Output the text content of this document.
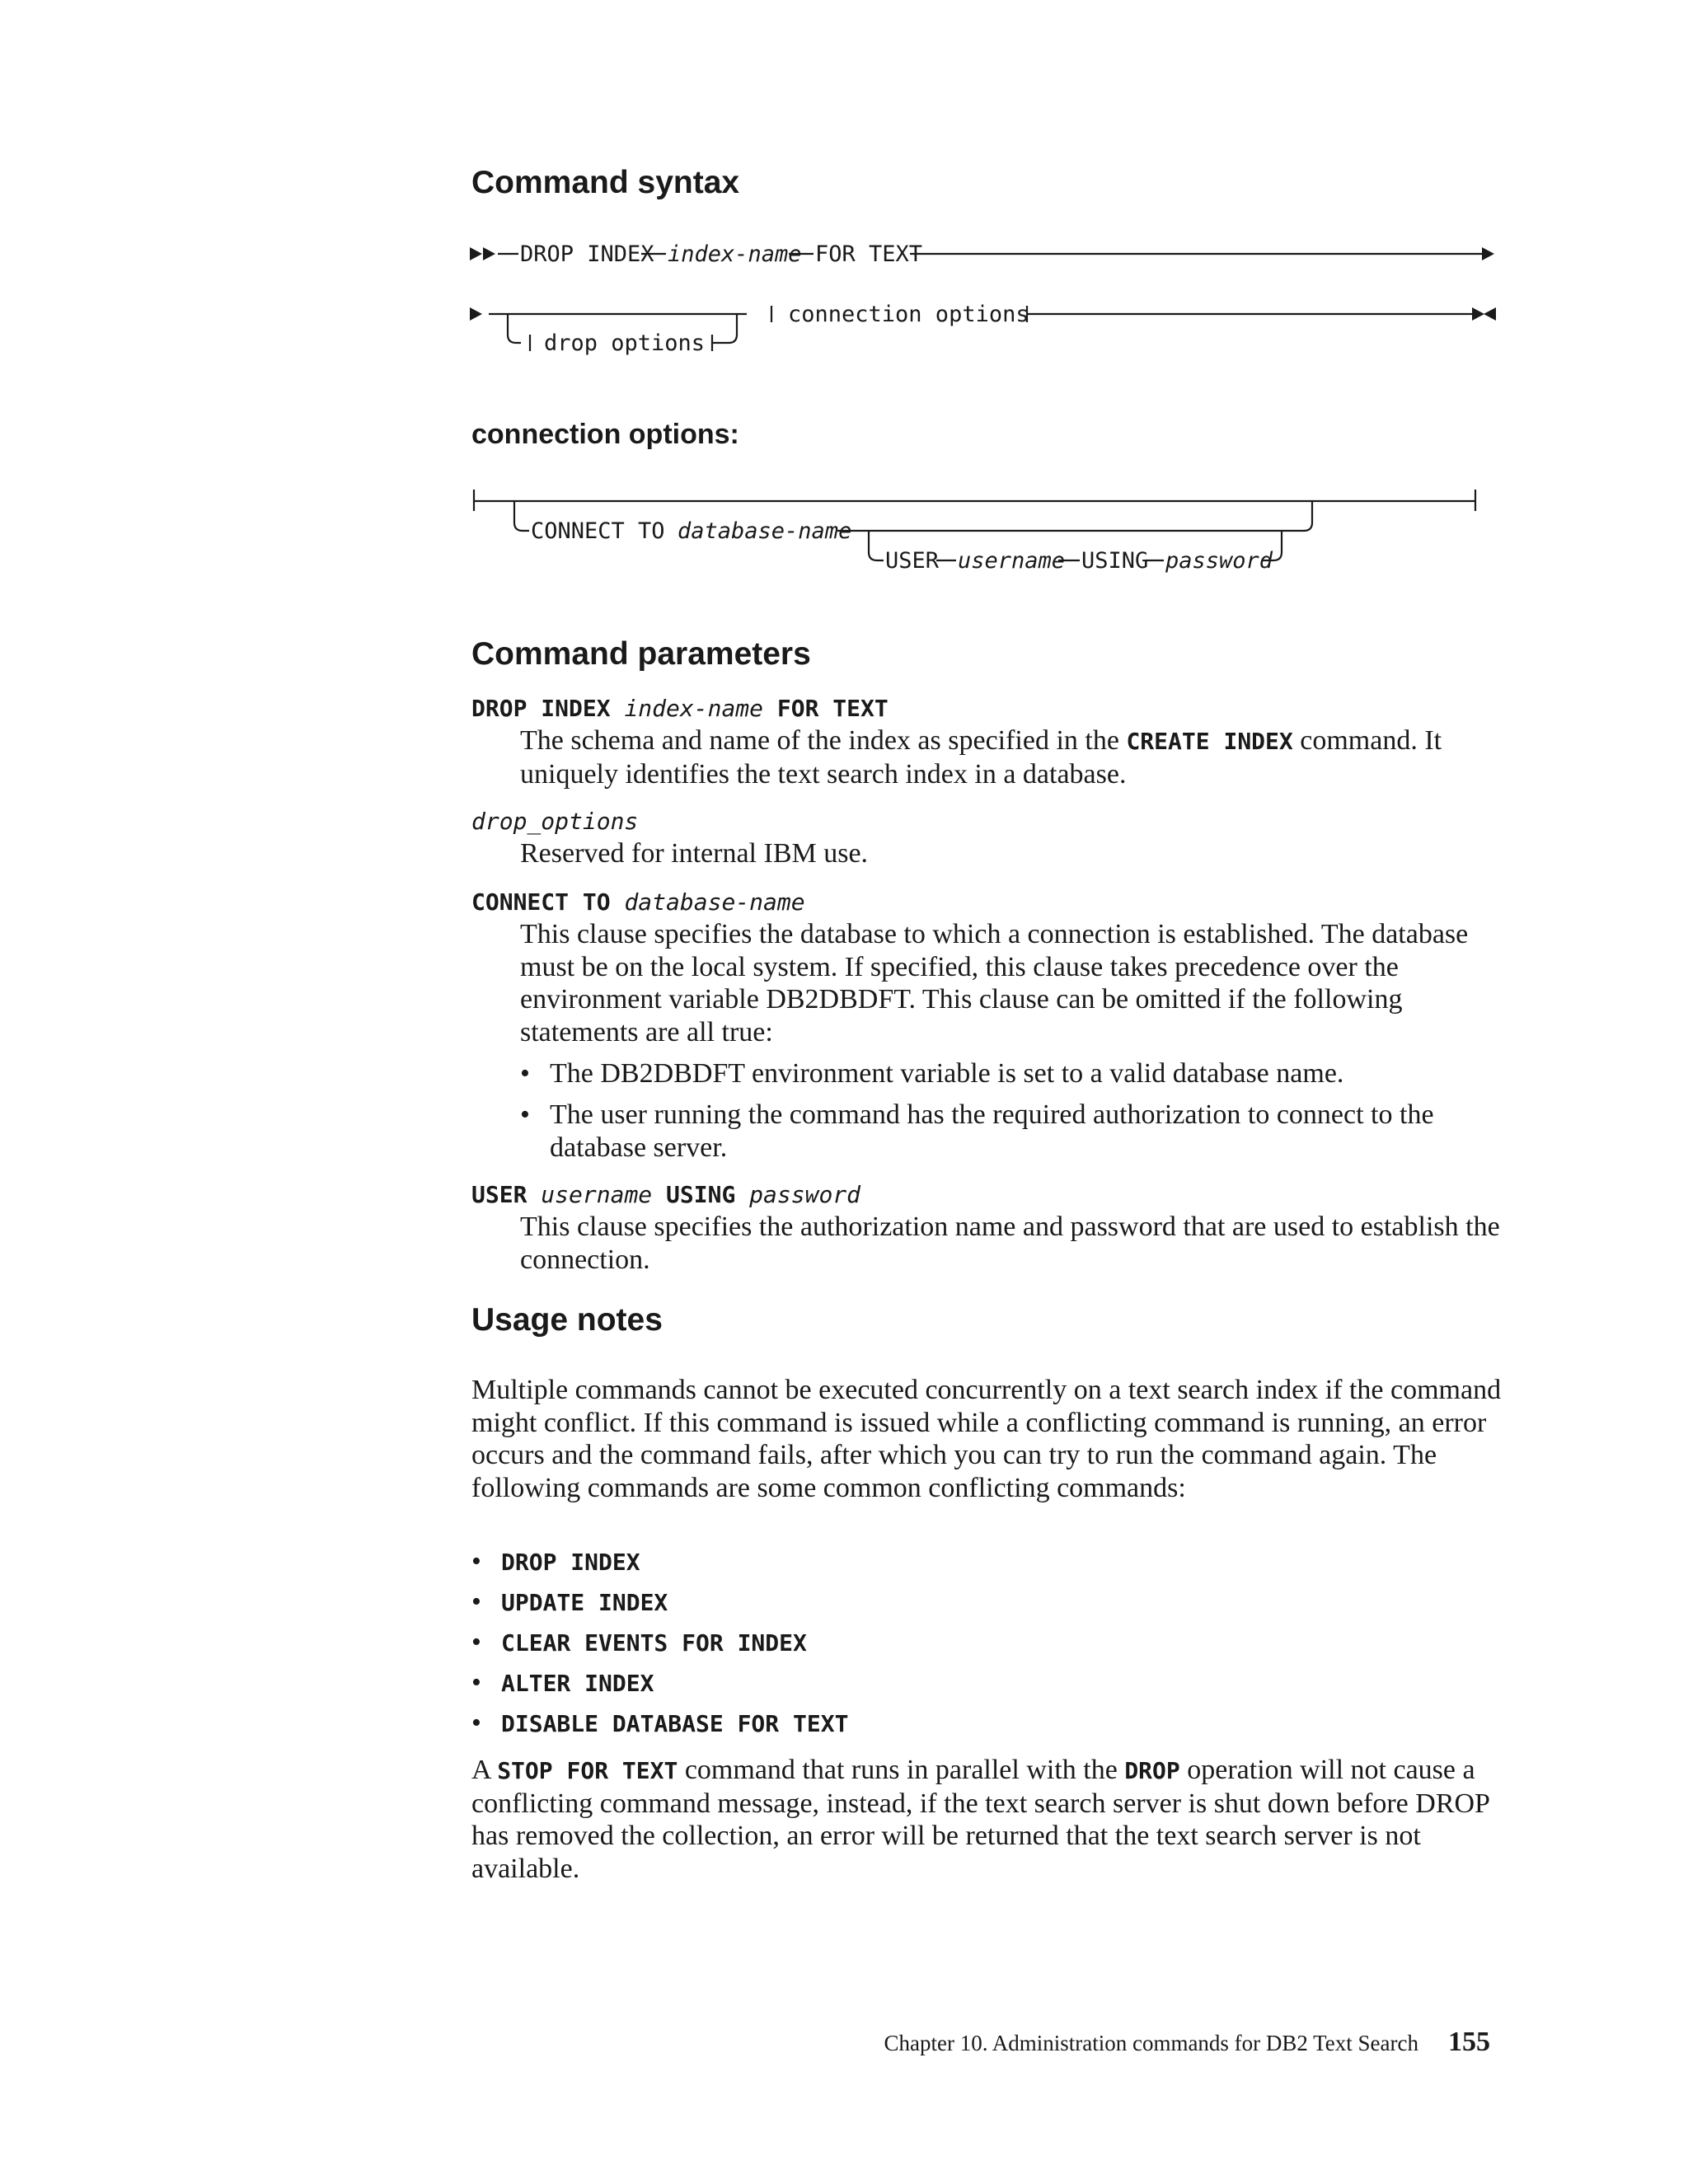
Command syntax
DROP INDEX index-name FOR TEXT
connection options
drop options
CONNECT TO database-name
USER username USING password
connection options:
Command parameters

DROP INDEX index-name FOR TEXT

The schema and name of the index as specified in the CREATE INDEX command. It uniquely identifies the text search index in a database.

drop_options

Reserved for internal IBM use.

CONNECT TO database-name

This clause specifies the database to which a connection is established. The database must be on the local system. If specified, this clause takes precedence over the environment variable DB2DBDFT. This clause can be omitted if the following statements are all true:

• The DB2DBDFT environment variable is set to a valid database name.
• The user running the command has the required authorization to connect to the database server.

USER username USING password

This clause specifies the authorization name and password that are used to establish the connection.

Usage notes

Multiple commands cannot be executed concurrently on a text search index if the command might conflict. If this command is issued while a conflicting command is running, an error occurs and the command fails, after which you can try to run the command again. The following commands are some common conflicting commands:

• DROP INDEX
• UPDATE INDEX
• CLEAR EVENTS FOR INDEX
• ALTER INDEX
• DISABLE DATABASE FOR TEXT

A STOP FOR TEXT command that runs in parallel with the DROP operation will not cause a conflicting command message, instead, if the text search server is shut down before DROP has removed the collection, an error will be returned that the text search server is not available.

Chapter 10. Administration commands for DB2 Text Search 155
